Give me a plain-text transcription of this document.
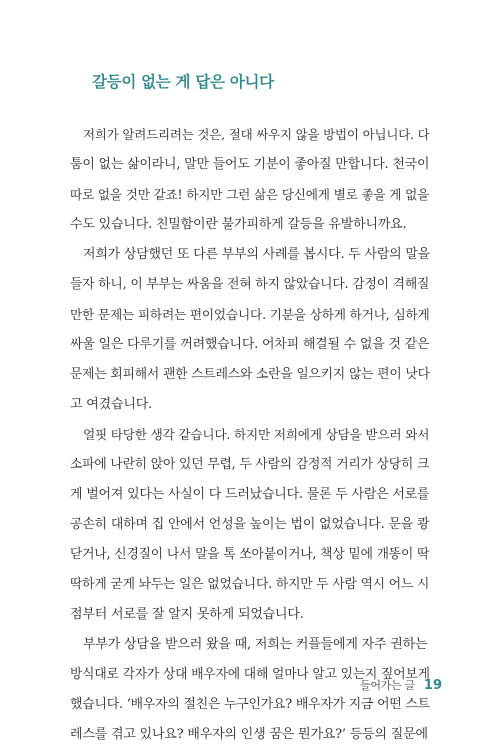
갈등이 없는 게 답은 아니다
저희가 알려드리려는 것은, 절대 싸우지 않을 방법이 아닙니다. 다
툼이 없는 삶이라니, 말만 들어도 기분이 좋아질 만합니다. 천국이
따로 없을 것만 같죠! 하지만 그런 삶은 당신에게 별로 좋을 게 없을
수도 있습니다. 친밀함이란 불가피하게 갈등을 유발하니까요.
저희가 상담했던 또 다른 부부의 사례를 봅시다. 두 사람의 말을
들자 하니, 이 부부는 싸움을 전혀 하지 않았습니다. 감정이 격해질
만한 문제는 피하려는 편이었습니다. 기분을 상하게 하거나, 심하게
싸울 일은 다루기를 꺼려했습니다. 어차피 해결될 수 없을 것 같은
문제는 회피해서 괜한 스트레스와 소란을 일으키지 않는 편이 낫다
고 여겼습니다.
얼핏 타당한 생각 같습니다. 하지만 저희에게 상담을 받으러 와서
소파에 나란히 앉아 있던 무렵, 두 사람의 감정적 거리가 상당히 크
게 벌어져 있다는 사실이 다 드러났습니다. 물론 두 사람은 서로를
공손히 대하며 집 안에서 언성을 높이는 법이 없었습니다. 문을 쾅
닫거나, 신경질이 나서 말을 톡 쏘아붙이거나, 책상 밑에 개똥이 딱
딱하게 굳게 놔두는 일은 없었습니다. 하지만 두 사람 역시 어느 시
점부터 서로를 잘 알지 못하게 되었습니다.
부부가 상담을 받으러 왔을 때, 저희는 커플들에게 자주 권하는
방식대로 각자가 상대 배우자에 대해 얼마나 알고 있는지 짚어보게
했습니다. ‘배우자의 절친은 누구인가요? 배우자가 지금 어떤 스트
레스를 겪고 있나요? 배우자의 인생 꿈은 뭔가요?’ 등등의 질문에
들어가는 글 19
